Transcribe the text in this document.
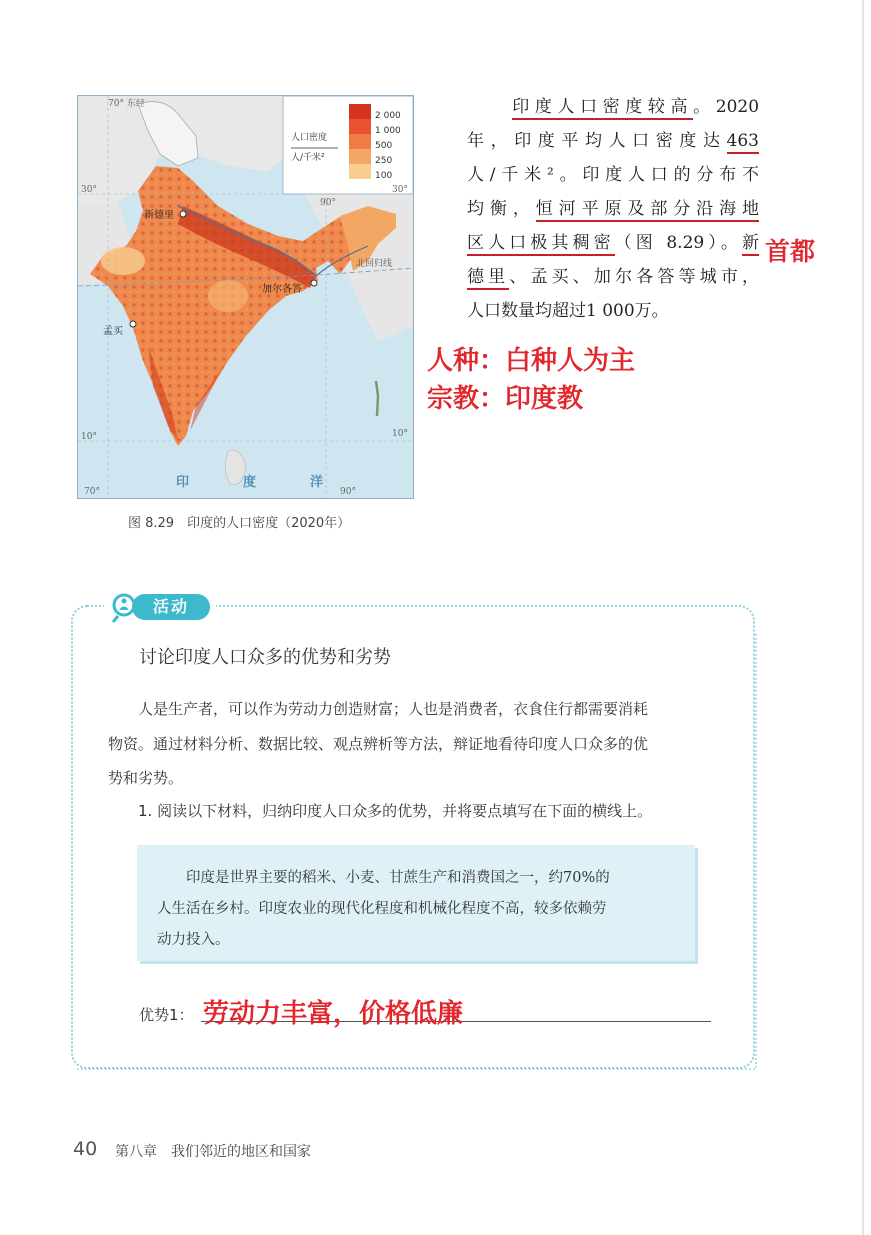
人口密度
人/千米²
2 000
1 000
500
250
100
70° 东经
90°
70°	90°
30°	30°
10°	10°
新德里
加尔各答
孟买
北回归线
印	度	洋
图 8.29　印度的人口密度（2020年）
　　印度人口密度较高。2020
年，印度平均人口密度达463
人/千米²。印度人口的分布不
均衡，恒河平原及部分沿海地
区人口极其稠密（图 8.29）。新
德里、孟买、加尔各答等城市，
人口数量均超过1 000万。
首都
人种：白种人为主
宗教：印度教
活动
讨论印度人口众多的优势和劣势
　　人是生产者，可以作为劳动力创造财富；人也是消费者，衣食住行都需要消耗
物资。通过材料分析、数据比较、观点辨析等方法，辩证地看待印度人口众多的优
势和劣势。
　　1. 阅读以下材料，归纳印度人口众多的优势，并将要点填写在下面的横线上。
　　印度是世界主要的稻米、小麦、甘蔗生产和消费国之一，约70%的
人生活在乡村。印度农业的现代化程度和机械化程度不高，较多依赖劳
动力投入。
优势1： 劳动力丰富，价格低廉
40 第八章　我们邻近的地区和国家
